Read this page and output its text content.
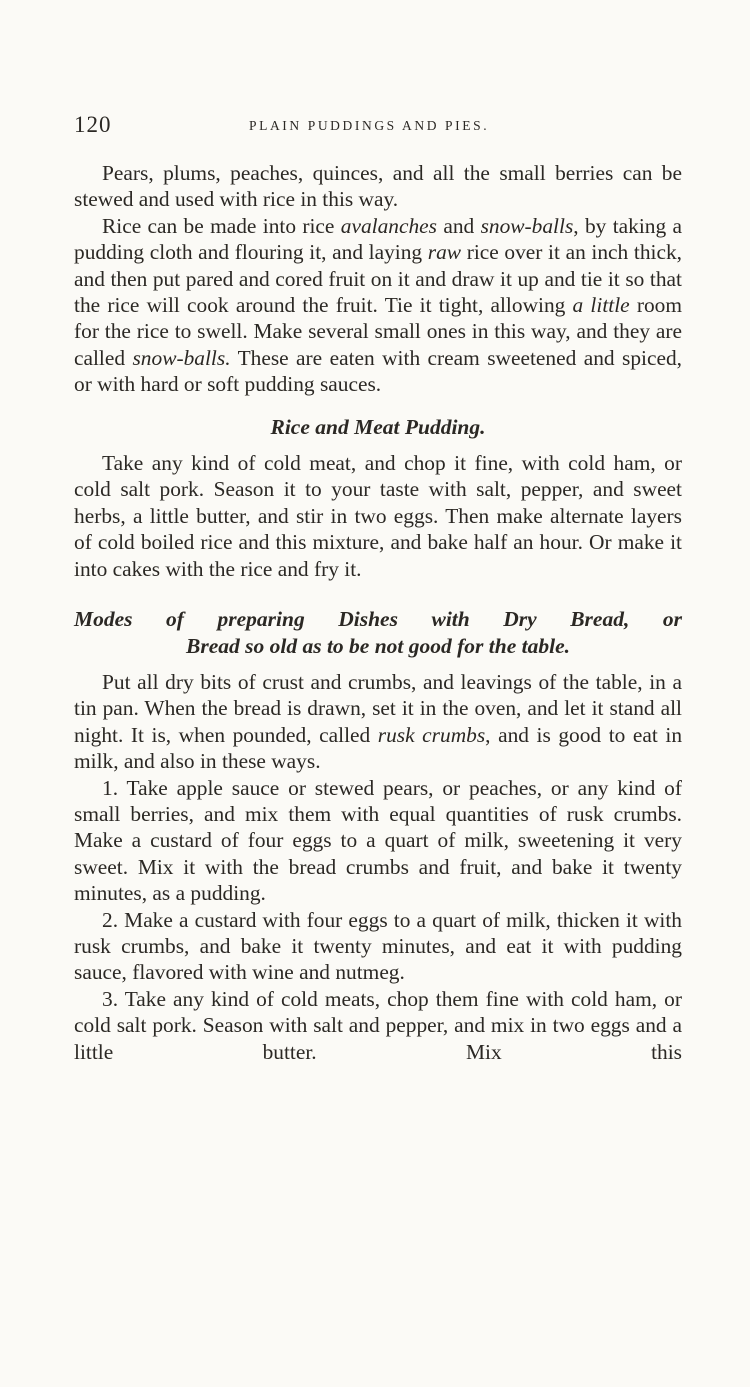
120	PLAIN PUDDINGS AND PIES.

Pears, plums, peaches, quinces, and all the small berries can be stewed and used with rice in this way.

Rice can be made into rice avalanches and snow-balls, by taking a pudding cloth and flouring it, and laying raw rice over it an inch thick, and then put pared and cored fruit on it and draw it up and tie it so that the rice will cook around the fruit. Tie it tight, allowing a little room for the rice to swell. Make several small ones in this way, and they are called snow-balls. These are eaten with cream sweetened and spiced, or with hard or soft pudding sauces.

Rice and Meat Pudding.

Take any kind of cold meat, and chop it fine, with cold ham, or cold salt pork. Season it to your taste with salt, pepper, and sweet herbs, a little butter, and stir in two eggs. Then make alternate layers of cold boiled rice and this mixture, and bake half an hour. Or make it into cakes with the rice and fry it.

Modes of preparing Dishes with Dry Bread, or
Bread so old as to be not good for the table.

Put all dry bits of crust and crumbs, and leavings of the table, in a tin pan. When the bread is drawn, set it in the oven, and let it stand all night. It is, when pounded, called rusk crumbs, and is good to eat in milk, and also in these ways.

1. Take apple sauce or stewed pears, or peaches, or any kind of small berries, and mix them with equal quantities of rusk crumbs. Make a custard of four eggs to a quart of milk, sweetening it very sweet. Mix it with the bread crumbs and fruit, and bake it twenty minutes, as a pudding.

2. Make a custard with four eggs to a quart of milk, thicken it with rusk crumbs, and bake it twenty minutes, and eat it with pudding sauce, flavored with wine and nutmeg.

3. Take any kind of cold meats, chop them fine with cold ham, or cold salt pork. Season with salt and pepper, and mix in two eggs and a little butter. Mix this
